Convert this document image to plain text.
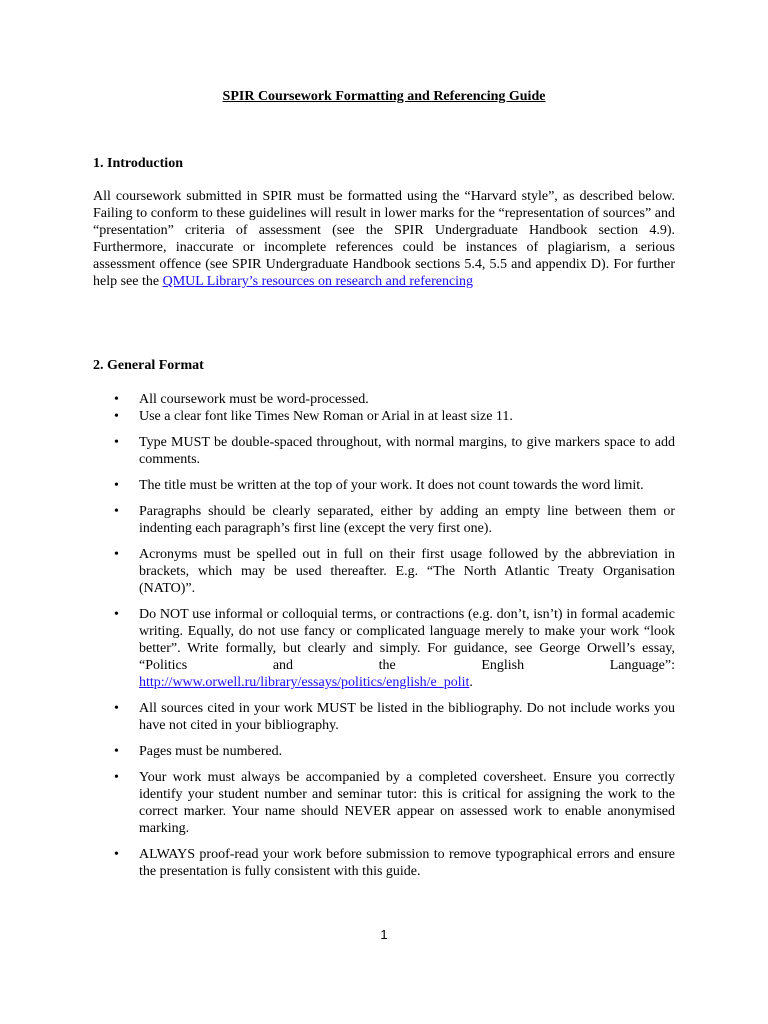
SPIR Coursework Formatting and Referencing Guide
1. Introduction
All coursework submitted in SPIR must be formatted using the “Harvard style”, as described below. Failing to conform to these guidelines will result in lower marks for the “representation of sources” and “presentation” criteria of assessment (see the SPIR Undergraduate Handbook section 4.9). Furthermore, inaccurate or incomplete references could be instances of plagiarism, a serious assessment offence (see SPIR Undergraduate Handbook sections 5.4, 5.5 and appendix D). For further help see the QMUL Library’s resources on research and referencing
2. General Format
• All coursework must be word-processed.
• Use a clear font like Times New Roman or Arial in at least size 11.
• Type MUST be double-spaced throughout, with normal margins, to give markers space to add comments.
• The title must be written at the top of your work. It does not count towards the word limit.
• Paragraphs should be clearly separated, either by adding an empty line between them or indenting each paragraph’s first line (except the very first one).
• Acronyms must be spelled out in full on their first usage followed by the abbreviation in brackets, which may be used thereafter. E.g. “The North Atlantic Treaty Organisation (NATO)”.
• Do NOT use informal or colloquial terms, or contractions (e.g. don’t, isn’t) in formal academic writing. Equally, do not use fancy or complicated language merely to make your work “look better”. Write formally, but clearly and simply. For guidance, see George Orwell’s essay, “Politics and the English Language”: http://www.orwell.ru/library/essays/politics/english/e_polit.
• All sources cited in your work MUST be listed in the bibliography. Do not include works you have not cited in your bibliography.
• Pages must be numbered.
• Your work must always be accompanied by a completed coversheet. Ensure you correctly identify your student number and seminar tutor: this is critical for assigning the work to the correct marker. Your name should NEVER appear on assessed work to enable anonymised marking.
• ALWAYS proof-read your work before submission to remove typographical errors and ensure the presentation is fully consistent with this guide.
1
